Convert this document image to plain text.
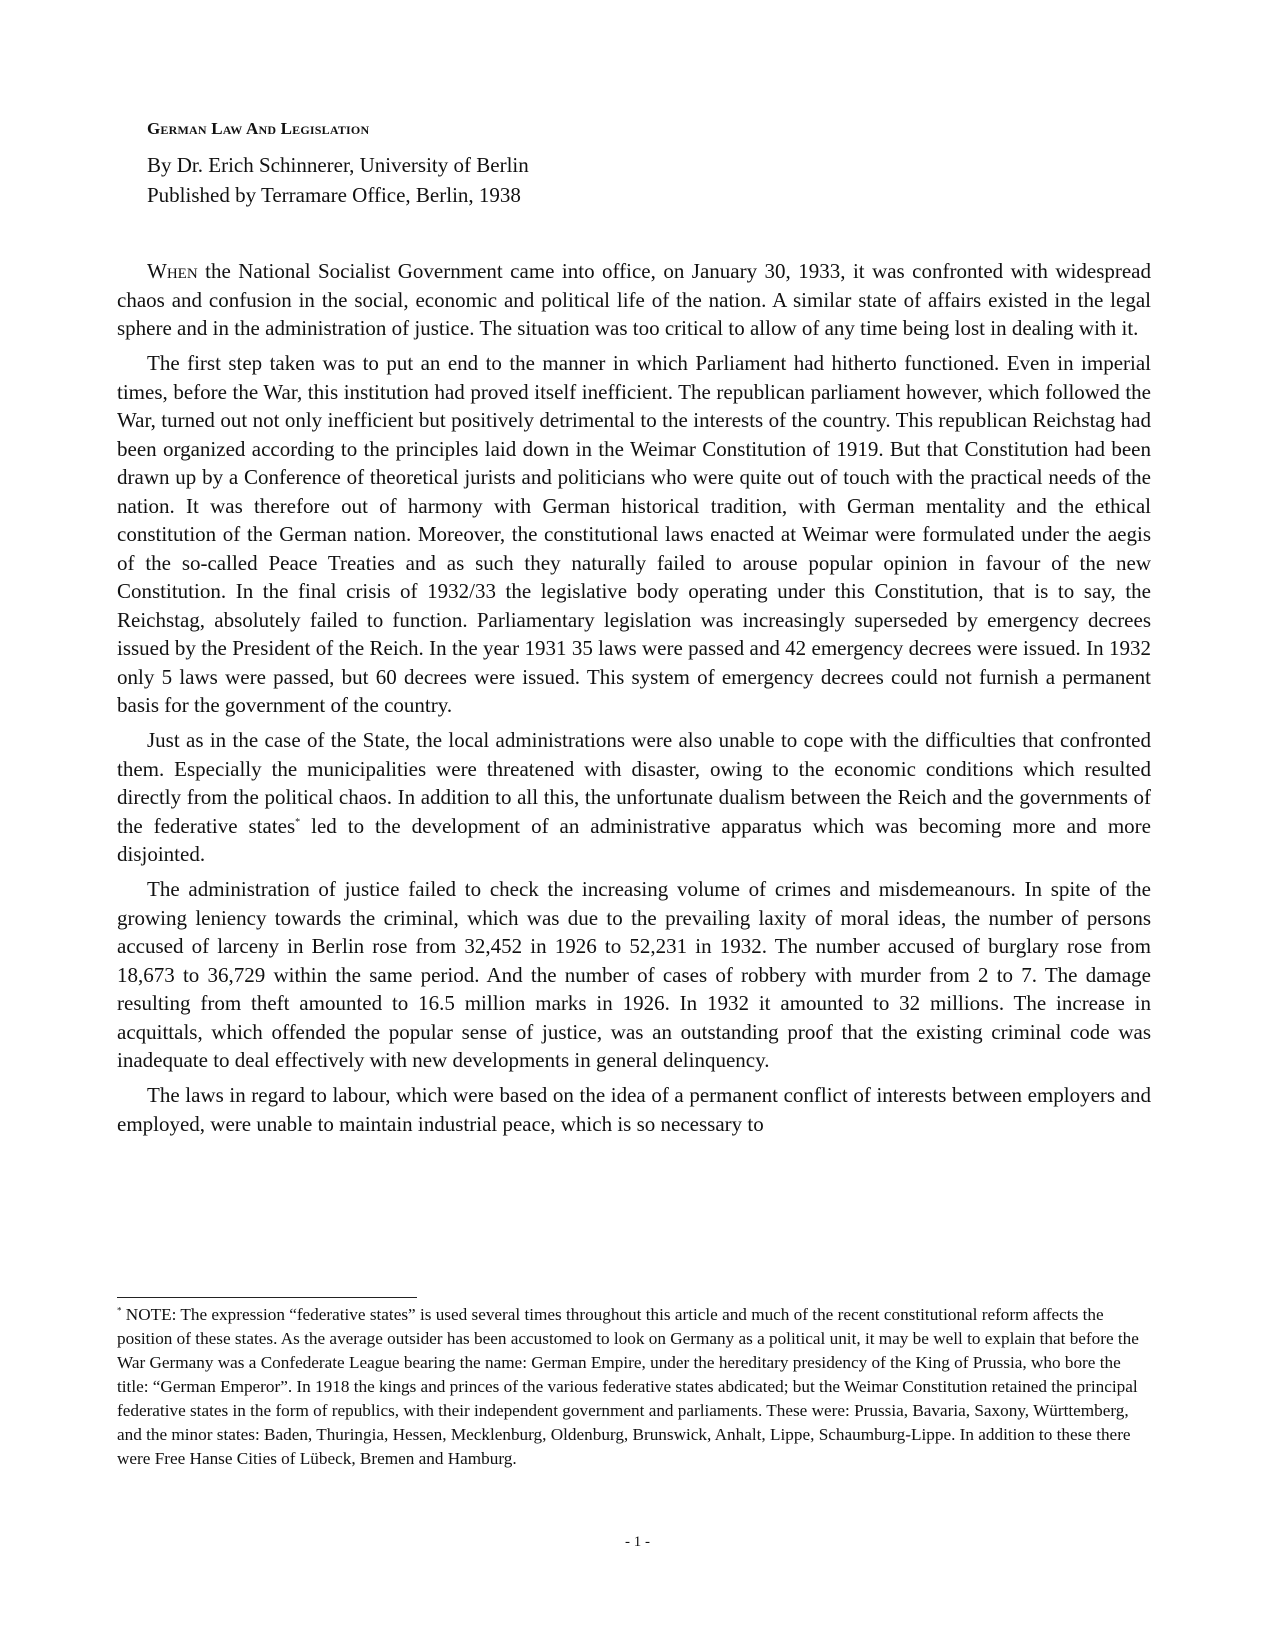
German Law And Legislation
By Dr. Erich Schinnerer, University of Berlin
Published by Terramare Office, Berlin, 1938

When the National Socialist Government came into office, on January 30, 1933, it was confronted with widespread chaos and confusion in the social, economic and political life of the nation. A similar state of affairs existed in the legal sphere and in the administration of justice. The situation was too critical to allow of any time being lost in dealing with it.

The first step taken was to put an end to the manner in which Parliament had hitherto functioned. Even in imperial times, before the War, this institution had proved itself inefficient. The republican parliament however, which followed the War, turned out not only inefficient but positively detrimental to the interests of the country. This republican Reichstag had been organized according to the principles laid down in the Weimar Constitution of 1919. But that Constitution had been drawn up by a Conference of theoretical jurists and politicians who were quite out of touch with the practical needs of the nation. It was therefore out of harmony with German historical tradition, with German mentality and the ethical constitution of the German nation. Moreover, the constitutional laws enacted at Weimar were formulated under the aegis of the so-called Peace Treaties and as such they naturally failed to arouse popular opinion in favour of the new Constitution. In the final crisis of 1932/33 the legislative body operating under this Constitution, that is to say, the Reichstag, absolutely failed to function. Parliamentary legislation was increasingly superseded by emergency decrees issued by the President of the Reich. In the year 1931 35 laws were passed and 42 emergency decrees were issued. In 1932 only 5 laws were passed, but 60 decrees were issued. This system of emergency decrees could not furnish a permanent basis for the government of the country.

Just as in the case of the State, the local administrations were also unable to cope with the difficulties that confronted them. Especially the municipalities were threatened with disaster, owing to the economic conditions which resulted directly from the political chaos. In addition to all this, the unfortunate dualism between the Reich and the governments of the federative states* led to the development of an administrative apparatus which was becoming more and more disjointed.

The administration of justice failed to check the increasing volume of crimes and misdemeanours. In spite of the growing leniency towards the criminal, which was due to the prevailing laxity of moral ideas, the number of persons accused of larceny in Berlin rose from 32,452 in 1926 to 52,231 in 1932. The number accused of burglary rose from 18,673 to 36,729 within the same period. And the number of cases of robbery with murder from 2 to 7. The damage resulting from theft amounted to 16.5 million marks in 1926. In 1932 it amounted to 32 millions. The increase in acquittals, which offended the popular sense of justice, was an outstanding proof that the existing criminal code was inadequate to deal effectively with new developments in general delinquency.

The laws in regard to labour, which were based on the idea of a permanent conflict of interests between employers and employed, were unable to maintain industrial peace, which is so necessary to

* NOTE: The expression “federative states” is used several times throughout this article and much of the recent constitutional reform affects the position of these states. As the average outsider has been accustomed to look on Germany as a political unit, it may be well to explain that before the War Germany was a Confederate League bearing the name: German Empire, under the hereditary presidency of the King of Prussia, who bore the title: “German Emperor”. In 1918 the kings and princes of the various federative states abdicated; but the Weimar Constitution retained the principal federative states in the form of republics, with their independent government and parliaments. These were: Prussia, Bavaria, Saxony, Württemberg, and the minor states: Baden, Thuringia, Hessen, Mecklenburg, Oldenburg, Brunswick, Anhalt, Lippe, Schaumburg-Lippe. In addition to these there were Free Hanse Cities of Lübeck, Bremen and Hamburg.

- 1 -
